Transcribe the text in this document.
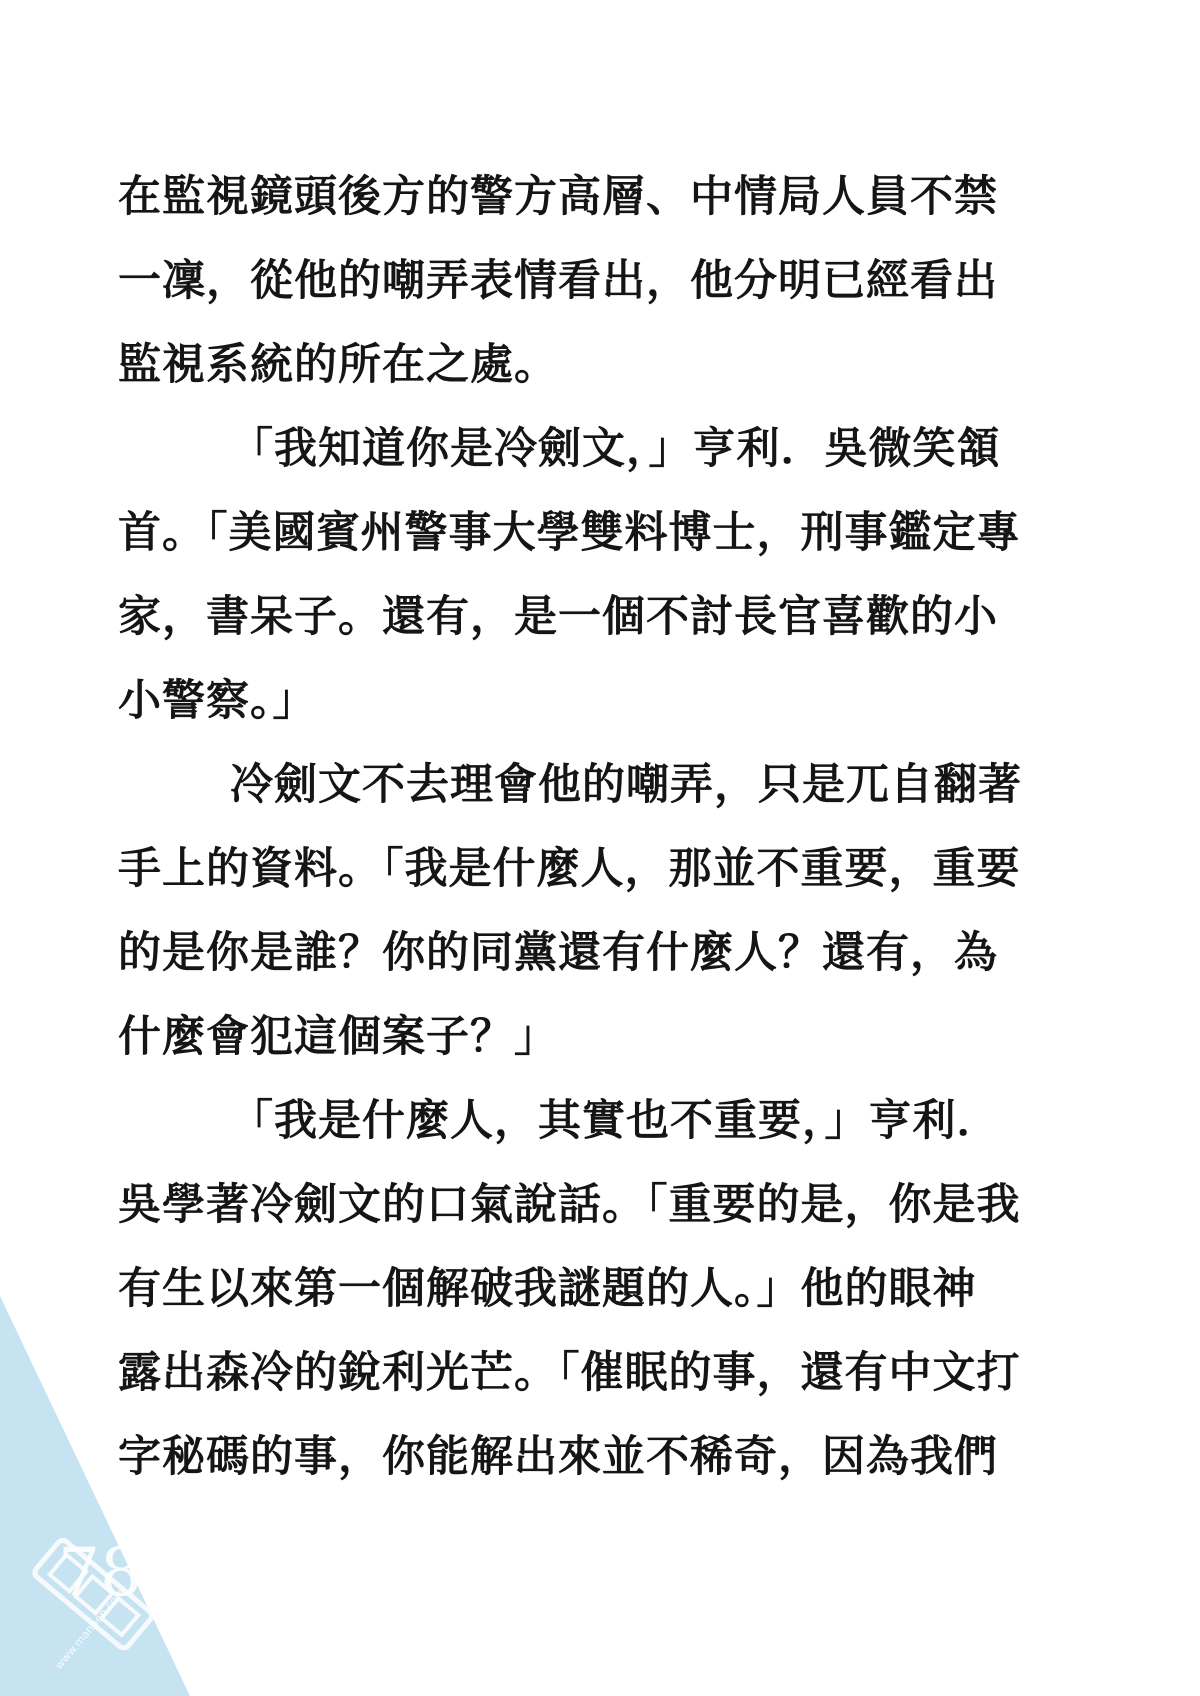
在監視鏡頭後方的警方高層、中情局人員不禁
一凜，從他的嘲弄表情看出，他分明已經看出
監視系統的所在之處。
「我知道你是冷劍文，」亨利．吳微笑頷
首。「美國賓州警事大學雙料博士，刑事鑑定專
家，書呆子。還有，是一個不討長官喜歡的小
小警察。」
冷劍文不去理會他的嘲弄，只是兀自翻著
手上的資料。「我是什麼人，那並不重要，重要
的是你是誰？你的同黨還有什麼人？還有，為
什麼會犯這個案子？」
「我是什麼人，其實也不重要，」亨利．
吳學著冷劍文的口氣說話。「重要的是，你是我
有生以來第一個解破我謎題的人。」他的眼神
露出森冷的銳利光芒。「催眠的事，還有中文打
字秘碼的事，你能解出來並不稀奇，因為我們
78
www.manben.com
